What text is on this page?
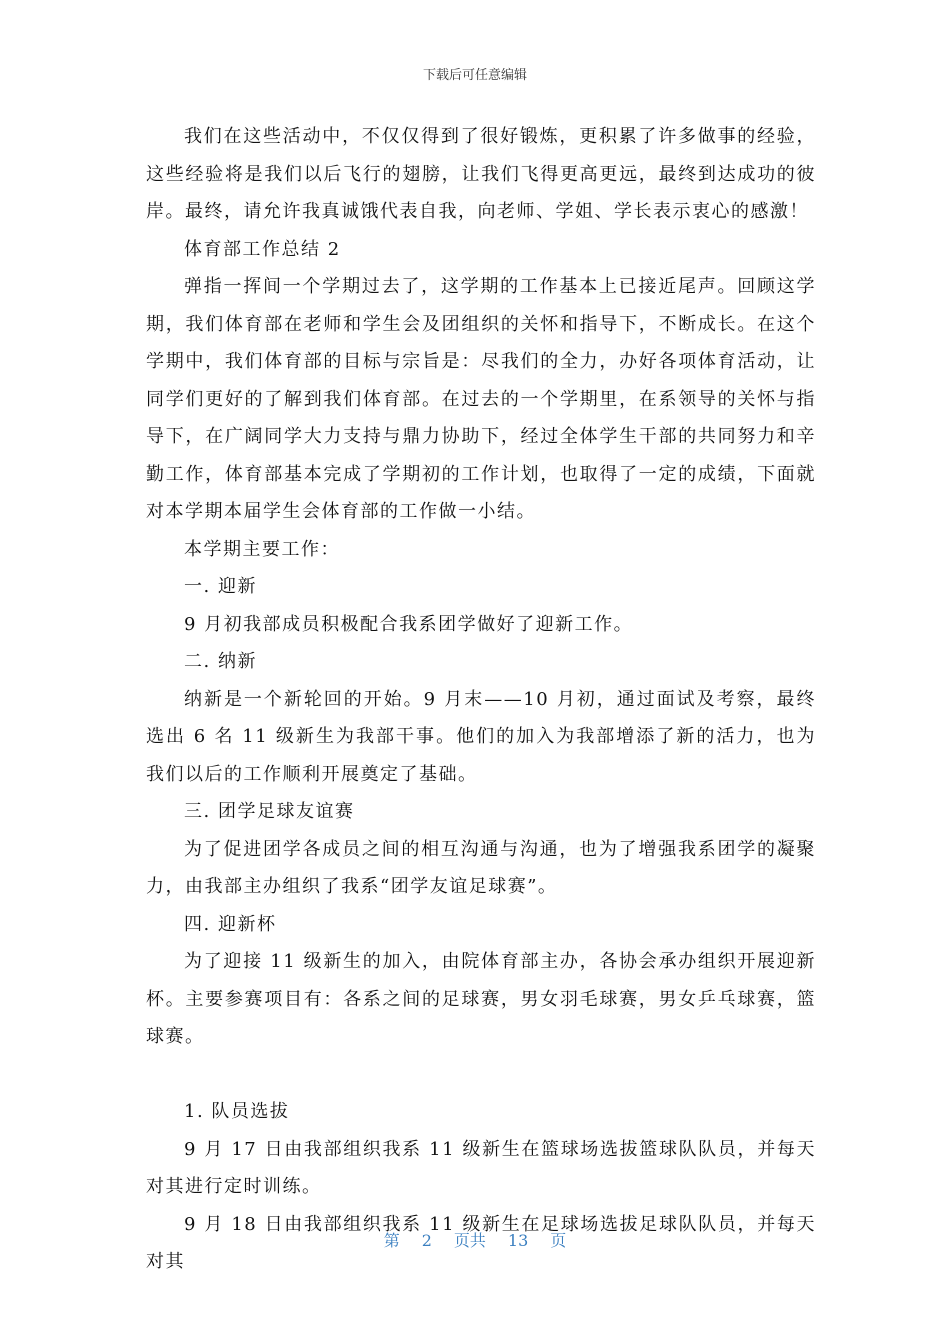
下载后可任意编辑

我们在这些活动中，不仅仅得到了很好锻炼，更积累了许多做事的经验，这些经验将是我们以后飞行的翅膀，让我们飞得更高更远，最终到达成功的彼岸。最终，请允许我真诚饿代表自我，向老师、学姐、学长表示衷心的感激！

体育部工作总结 2

弹指一挥间一个学期过去了，这学期的工作基本上已接近尾声。回顾这学期，我们体育部在老师和学生会及团组织的关怀和指导下，不断成长。在这个学期中，我们体育部的目标与宗旨是：尽我们的全力，办好各项体育活动，让同学们更好的了解到我们体育部。在过去的一个学期里，在系领导的关怀与指导下，在广阔同学大力支持与鼎力协助下，经过全体学生干部的共同努力和辛勤工作，体育部基本完成了学期初的工作计划，也取得了一定的成绩，下面就对本学期本届学生会体育部的工作做一小结。

本学期主要工作：

一. 迎新

9 月初我部成员积极配合我系团学做好了迎新工作。

二. 纳新

纳新是一个新轮回的开始。9 月末——10 月初，通过面试及考察，最终选出 6 名 11 级新生为我部干事。他们的加入为我部增添了新的活力，也为我们以后的工作顺利开展奠定了基础。

三. 团学足球友谊赛

为了促进团学各成员之间的相互沟通与沟通，也为了增强我系团学的凝聚力，由我部主办组织了我系“团学友谊足球赛”。

四. 迎新杯

为了迎接 11 级新生的加入，由院体育部主办，各协会承办组织开展迎新杯。主要参赛项目有：各系之间的足球赛，男女羽毛球赛，男女乒乓球赛，篮球赛。

1. 队员选拔

9 月 17 日由我部组织我系 11 级新生在篮球场选拔篮球队队员，并每天对其进行定时训练。

9 月 18 日由我部组织我系 11 级新生在足球场选拔足球队队员，并每天对其

第 2 页共 13 页
